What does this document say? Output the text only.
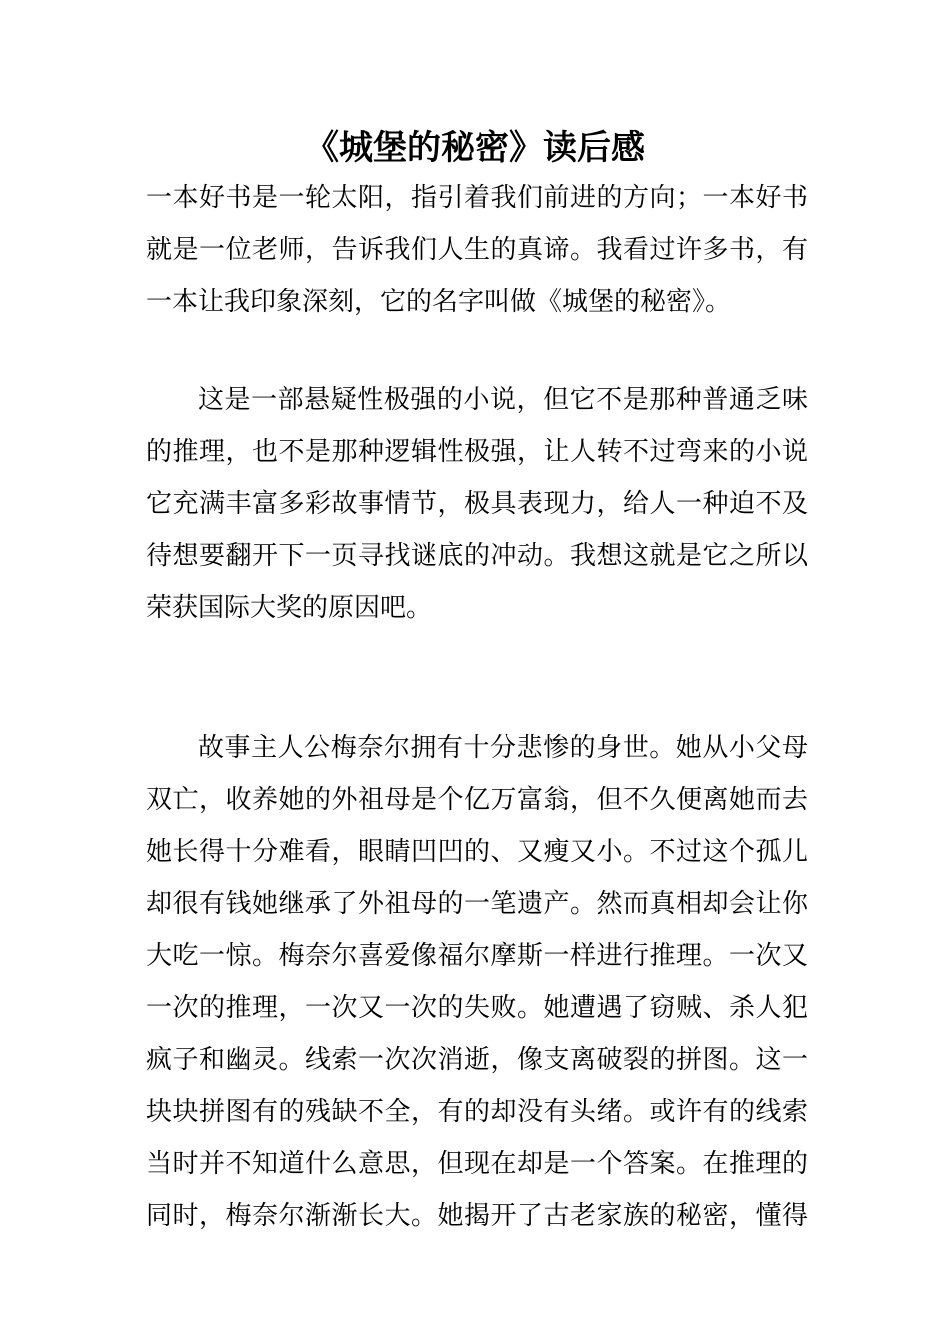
《城堡的秘密》读后感
一本好书是一轮太阳，指引着我们前进的方向；一本好书
就是一位老师，告诉我们人生的真谛。我看过许多书，有
一本让我印象深刻，它的名字叫做《城堡的秘密》。
这是一部悬疑性极强的小说，但它不是那种普通乏味
的推理，也不是那种逻辑性极强，让人转不过弯来的小说
它充满丰富多彩故事情节，极具表现力，给人一种迫不及
待想要翻开下一页寻找谜底的冲动。我想这就是它之所以
荣获国际大奖的原因吧。
故事主人公梅奈尔拥有十分悲惨的身世。她从小父母
双亡，收养她的外祖母是个亿万富翁，但不久便离她而去
她长得十分难看，眼睛凹凹的、又瘦又小。不过这个孤儿
却很有钱她继承了外祖母的一笔遗产。然而真相却会让你
大吃一惊。梅奈尔喜爱像福尔摩斯一样进行推理。一次又
一次的推理，一次又一次的失败。她遭遇了窃贼、杀人犯
疯子和幽灵。线索一次次消逝，像支离破裂的拼图。这一
块块拼图有的残缺不全，有的却没有头绪。或许有的线索
当时并不知道什么意思，但现在却是一个答案。在推理的
同时，梅奈尔渐渐长大。她揭开了古老家族的秘密，懂得
